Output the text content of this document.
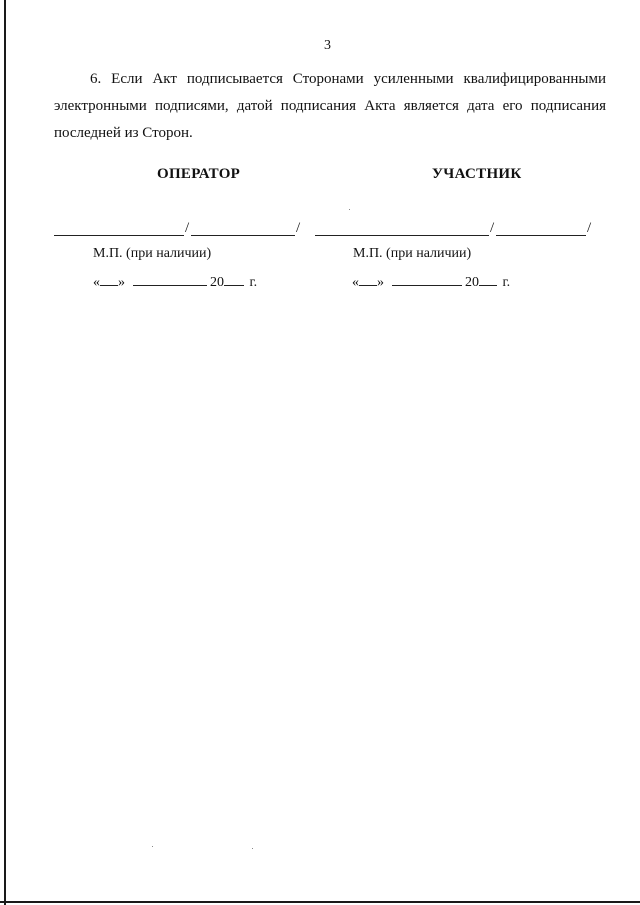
3

6. Если Акт подписывается Сторонами усиленными квалифицированными электронными подписями, датой подписания Акта является дата его подписания последней из Сторон.

ОПЕРАТОР	УЧАСТНИК
/	/	/	/
М.П. (при наличии)	М.П. (при наличии)
« »	20 г.	« »	20 г.
